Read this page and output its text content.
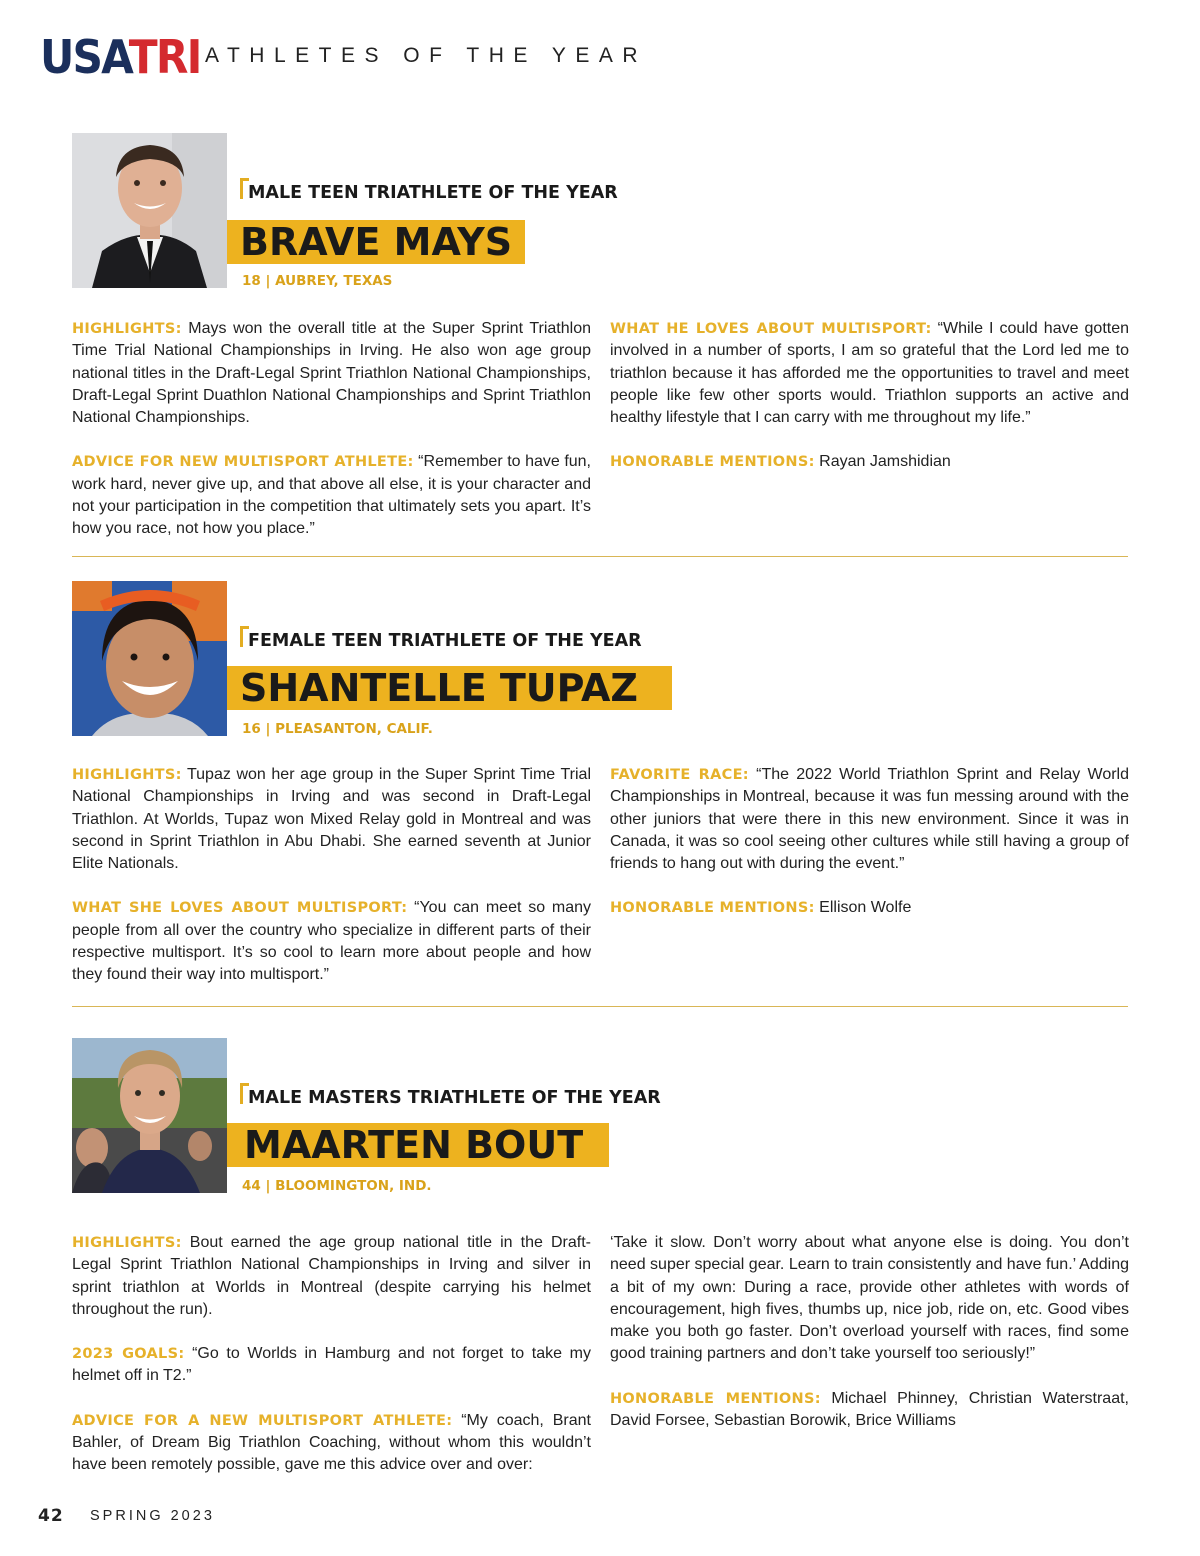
USATRI ATHLETES OF THE YEAR
MALE TEEN TRIATHLETE OF THE YEAR
BRAVE MAYS
18 | AUBREY, TEXAS

HIGHLIGHTS: Mays won the overall title at the Super Sprint Triathlon Time Trial National Championships in Irving. He also won age group national titles in the Draft-Legal Sprint Triathlon National Championships, Draft-Legal Sprint Duathlon National Championships and Sprint Triathlon National Championships.

ADVICE FOR NEW MULTISPORT ATHLETE: “Remember to have fun, work hard, never give up, and that above all else, it is your character and not your participation in the competition that ultimately sets you apart. It’s how you race, not how you place.”

WHAT HE LOVES ABOUT MULTISPORT: “While I could have gotten involved in a number of sports, I am so grateful that the Lord led me to triathlon because it has afforded me the opportunities to travel and meet people like few other sports would. Triathlon supports an active and healthy lifestyle that I can carry with me throughout my life.”

HONORABLE MENTIONS: Rayan Jamshidian

FEMALE TEEN TRIATHLETE OF THE YEAR
SHANTELLE TUPAZ
16 | PLEASANTON, CALIF.

HIGHLIGHTS: Tupaz won her age group in the Super Sprint Time Trial National Championships in Irving and was second in Draft-Legal Triathlon. At Worlds, Tupaz won Mixed Relay gold in Montreal and was second in Sprint Triathlon in Abu Dhabi. She earned seventh at Junior Elite Nationals.

WHAT SHE LOVES ABOUT MULTISPORT: “You can meet so many people from all over the country who specialize in different parts of their respective multisport. It’s so cool to learn more about people and how they found their way into multisport.”

FAVORITE RACE: “The 2022 World Triathlon Sprint and Relay World Championships in Montreal, because it was fun messing around with the other juniors that were there in this new environment. Since it was in Canada, it was so cool seeing other cultures while still having a group of friends to hang out with during the event.”

HONORABLE MENTIONS: Ellison Wolfe

MALE MASTERS TRIATHLETE OF THE YEAR
MAARTEN BOUT
44 | BLOOMINGTON, IND.

HIGHLIGHTS: Bout earned the age group national title in the Draft-Legal Sprint Triathlon National Championships in Irving and silver in sprint triathlon at Worlds in Montreal (despite carrying his helmet throughout the run).

2023 GOALS: “Go to Worlds in Hamburg and not forget to take my helmet off in T2.”

ADVICE FOR A NEW MULTISPORT ATHLETE: “My coach, Brant Bahler, of Dream Big Triathlon Coaching, without whom this wouldn’t have been remotely possible, gave me this advice over and over:

‘Take it slow. Don’t worry about what anyone else is doing. You don’t need super special gear. Learn to train consistently and have fun.’ Adding a bit of my own: During a race, provide other athletes with words of encouragement, high fives, thumbs up, nice job, ride on, etc. Good vibes make you both go faster. Don’t overload yourself with races, find some good training partners and don’t take yourself too seriously!”

HONORABLE MENTIONS: Michael Phinney, Christian Waterstraat, David Forsee, Sebastian Borowik, Brice Williams

42 SPRING 2023
